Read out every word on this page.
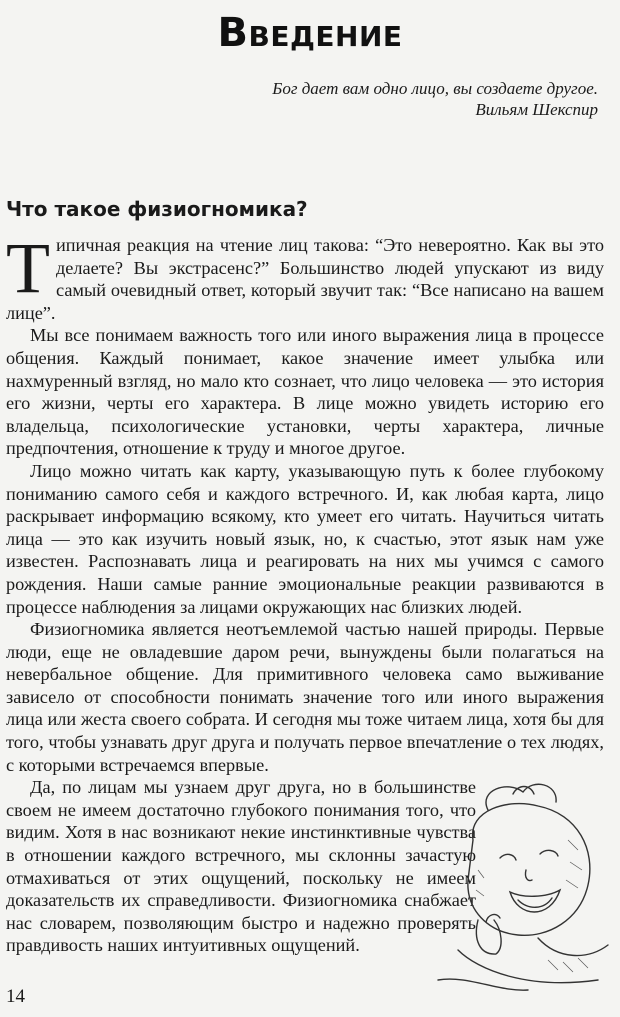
Введение
Бог дает вам одно лицо, вы создаете другое.
Вильям Шекспир
Что такое физиогномика?

Типичная реакция на чтение лиц такова: “Это невероятно. Как вы это делаете? Вы экстрасенс?” Большинство людей упускают из виду самый очевидный ответ, который звучит так: “Все написано на вашем лице”.

Мы все понимаем важность того или иного выражения лица в процессе общения. Каждый понимает, какое значение имеет улыбка или нахмуренный взгляд, но мало кто сознает, что лицо человека — это история его жизни, черты его характера. В лице можно увидеть историю его владельца, психологические установки, черты характера, личные предпочтения, отношение к труду и многое другое.

Лицо можно читать как карту, указывающую путь к более глубокому пониманию самого себя и каждого встречного. И, как любая карта, лицо раскрывает информацию всякому, кто умеет его читать. Научиться читать лица — это как изучить новый язык, но, к счастью, этот язык нам уже известен. Распознавать лица и реагировать на них мы учимся с самого рождения. Наши самые ранние эмоциональные реакции развиваются в процессе наблюдения за лицами окружающих нас близких людей.

Физиогномика является неотъемлемой частью нашей природы. Первые люди, еще не овладевшие даром речи, вынуждены были полагаться на невербальное общение. Для примитивного человека само выживание зависело от способности понимать значение того или иного выражения лица или жеста своего собрата. И сегодня мы тоже читаем лица, хотя бы для того, чтобы узнавать друг друга и получать первое впечатление о тех людях, с которыми встречаемся впервые.

Да, по лицам мы узнаем друг друга, но в большинстве своем не имеем достаточно глубокого понимания того, что видим. Хотя в нас возникают некие инстинктивные чувства в отношении каждого встречного, мы склонны зачастую отмахиваться от этих ощущений, поскольку не имеем доказательств их справедливости. Физиогномика снабжает нас словарем, позволяющим быстро и надежно проверять правдивость наших интуитивных ощущений.

14
